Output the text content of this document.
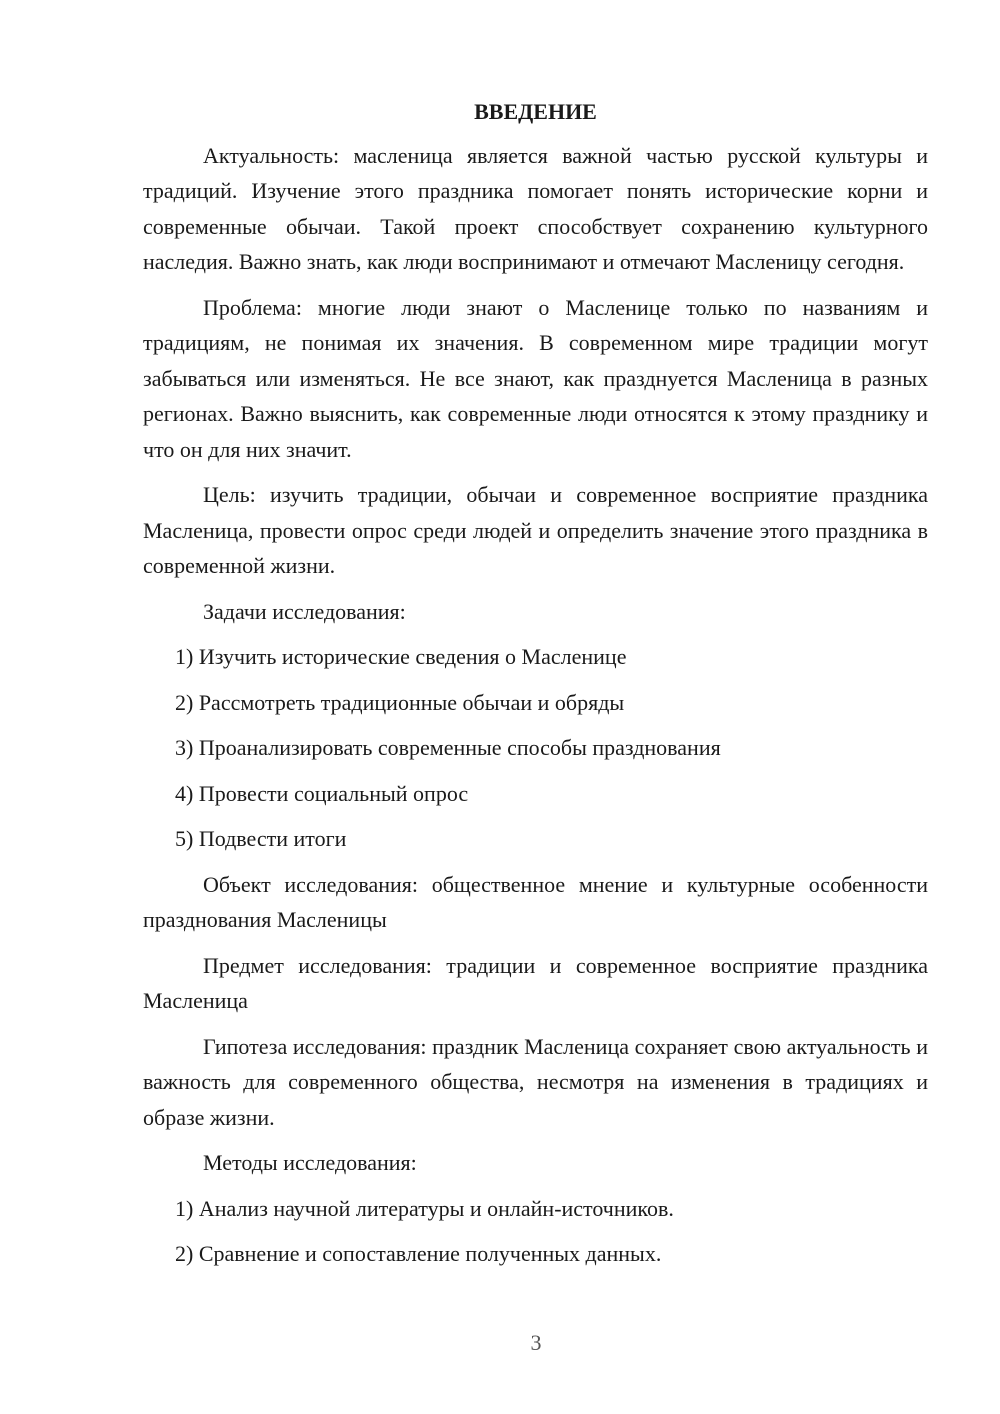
ВВЕДЕНИЕ

Актуальность: масленица является важной частью русской культуры и традиций. Изучение этого праздника помогает понять исторические корни и современные обычаи. Такой проект способствует сохранению культурного наследия. Важно знать, как люди воспринимают и отмечают Масленицу сегодня.

Проблема: многие люди знают о Масленице только по названиям и традициям, не понимая их значения. В современном мире традиции могут забываться или изменяться. Не все знают, как празднуется Масленица в разных регионах. Важно выяснить, как современные люди относятся к этому празднику и что он для них значит.

Цель: изучить традиции, обычаи и современное восприятие праздника Масленица, провести опрос среди людей и определить значение этого праздника в современной жизни.

Задачи исследования:

1) Изучить исторические сведения о Масленице
2) Рассмотреть традиционные обычаи и обряды
3) Проанализировать современные способы празднования
4) Провести социальный опрос
5) Подвести итоги

Объект исследования: общественное мнение и культурные особенности празднования Масленицы

Предмет исследования: традиции и современное восприятие праздника Масленица

Гипотеза исследования: праздник Масленица сохраняет свою актуальность и важность для современного общества, несмотря на изменения в традициях и образе жизни.

Методы исследования:

1) Анализ научной литературы и онлайн-источников.
2) Сравнение и сопоставление полученных данных.
3
